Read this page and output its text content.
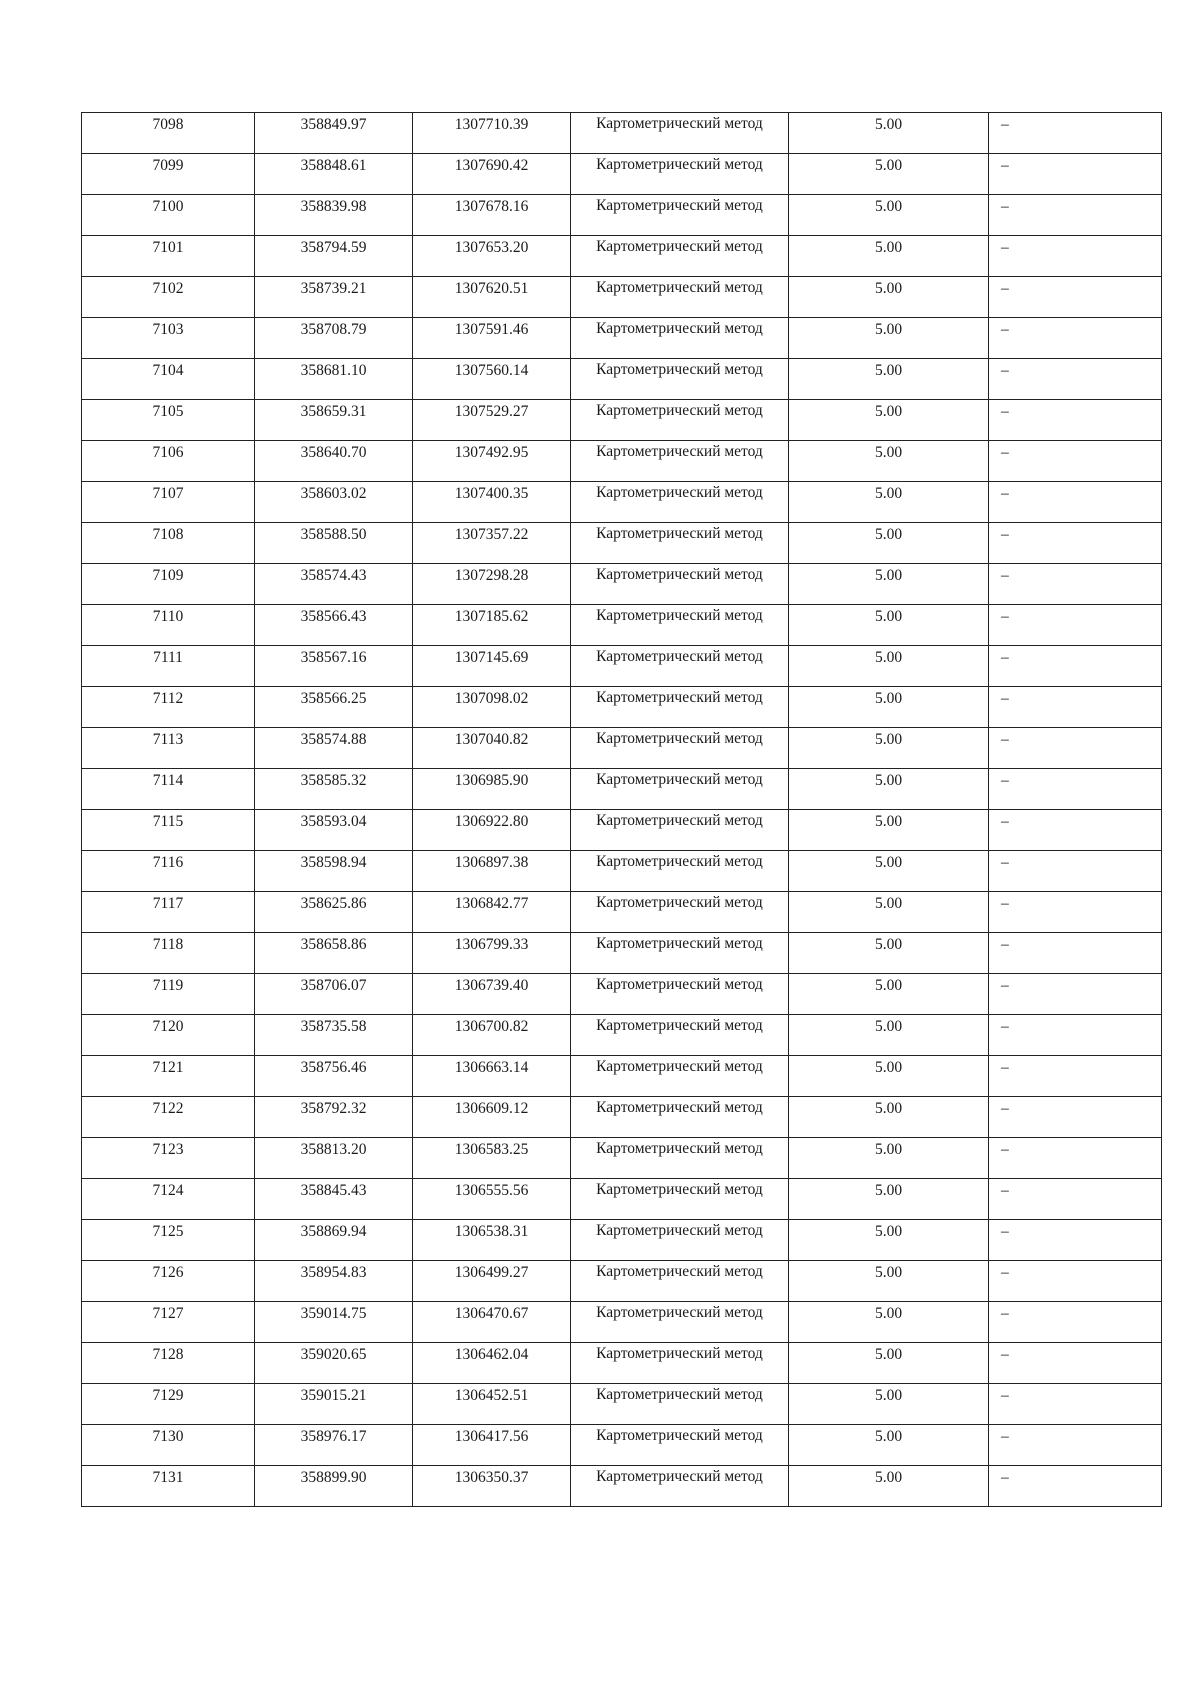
7098	358849.97	1307710.39	Картометрический метод	5.00	–

7099	358848.61	1307690.42	Картометрический метод	5.00	–

7100	358839.98	1307678.16	Картометрический метод	5.00	–

7101	358794.59	1307653.20	Картометрический метод	5.00	–

7102	358739.21	1307620.51	Картометрический метод	5.00	–

7103	358708.79	1307591.46	Картометрический метод	5.00	–

7104	358681.10	1307560.14	Картометрический метод	5.00	–

7105	358659.31	1307529.27	Картометрический метод	5.00	–

7106	358640.70	1307492.95	Картометрический метод	5.00	–

7107	358603.02	1307400.35	Картометрический метод	5.00	–

7108	358588.50	1307357.22	Картометрический метод	5.00	–

7109	358574.43	1307298.28	Картометрический метод	5.00	–

7110	358566.43	1307185.62	Картометрический метод	5.00	–

7111	358567.16	1307145.69	Картометрический метод	5.00	–

7112	358566.25	1307098.02	Картометрический метод	5.00	–

7113	358574.88	1307040.82	Картометрический метод	5.00	–

7114	358585.32	1306985.90	Картометрический метод	5.00	–

7115	358593.04	1306922.80	Картометрический метод	5.00	–

7116	358598.94	1306897.38	Картометрический метод	5.00	–

7117	358625.86	1306842.77	Картометрический метод	5.00	–

7118	358658.86	1306799.33	Картометрический метод	5.00	–

7119	358706.07	1306739.40	Картометрический метод	5.00	–

7120	358735.58	1306700.82	Картометрический метод	5.00	–

7121	358756.46	1306663.14	Картометрический метод	5.00	–

7122	358792.32	1306609.12	Картометрический метод	5.00	–

7123	358813.20	1306583.25	Картометрический метод	5.00	–

7124	358845.43	1306555.56	Картометрический метод	5.00	–

7125	358869.94	1306538.31	Картометрический метод	5.00	–

7126	358954.83	1306499.27	Картометрический метод	5.00	–

7127	359014.75	1306470.67	Картометрический метод	5.00	–

7128	359020.65	1306462.04	Картометрический метод	5.00	–

7129	359015.21	1306452.51	Картометрический метод	5.00	–

7130	358976.17	1306417.56	Картометрический метод	5.00	–

7131	358899.90	1306350.37	Картометрический метод	5.00	–
